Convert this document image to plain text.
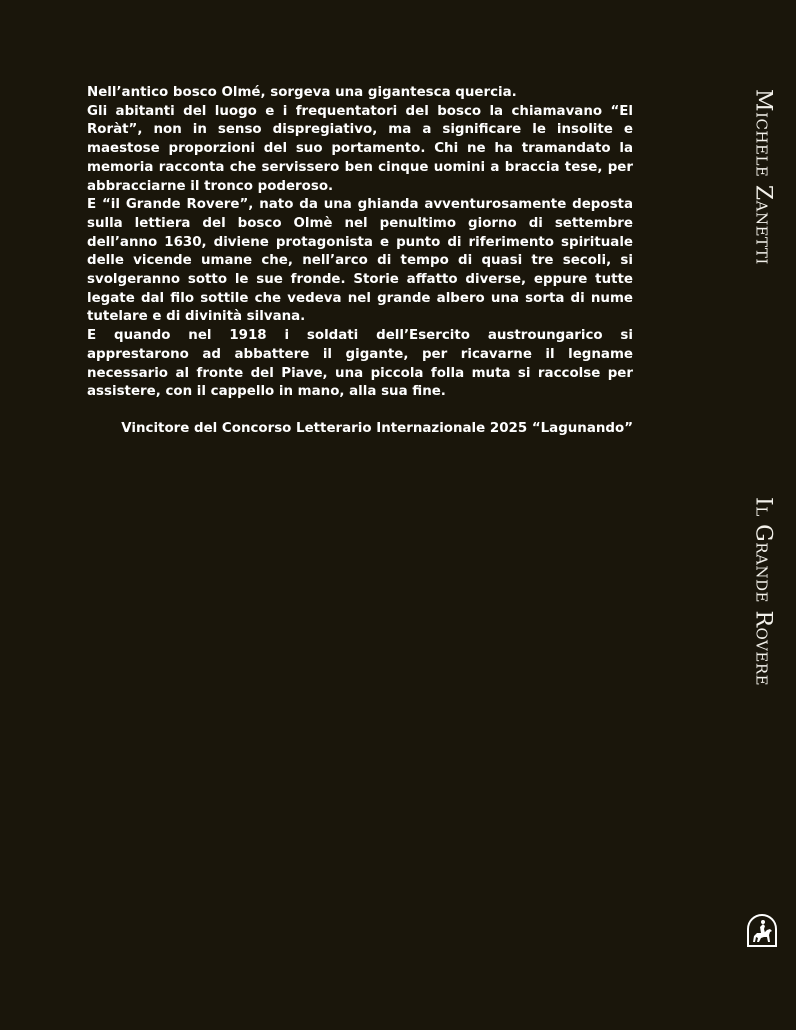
Nell’antico bosco Olmé, sorgeva una gigantesca quercia.

Gli abitanti del luogo e i frequentatori del bosco la chiamavano “El Roràt”, non in senso dispregiativo, ma a significare le insolite e maestose proporzioni del suo portamento. Chi ne ha tramandato la memoria racconta che servissero ben cinque uomini a braccia tese, per abbracciarne il tronco poderoso.

E “il Grande Rovere”, nato da una ghianda avventurosamente deposta sulla lettiera del bosco Olmè nel penultimo giorno di settembre dell’anno 1630, diviene protagonista e punto di riferimento spirituale delle vicende umane che, nell’arco di tempo di quasi tre secoli, si svolgeranno sotto le sue fronde. Storie affatto diverse, eppure tutte legate dal filo sottile che vedeva nel grande albero una sorta di nume tutelare e di divinità silvana.

E quando nel 1918 i soldati dell’Esercito austroungarico si apprestarono ad abbattere il gigante, per ricavarne il legname necessario al fronte del Piave, una piccola folla muta si raccolse per assistere, con il cappello in mano, alla sua fine.

Vincitore del Concorso Letterario Internazionale 2025 “Lagunando”

Michele Zanetti
Il Grande Rovere
